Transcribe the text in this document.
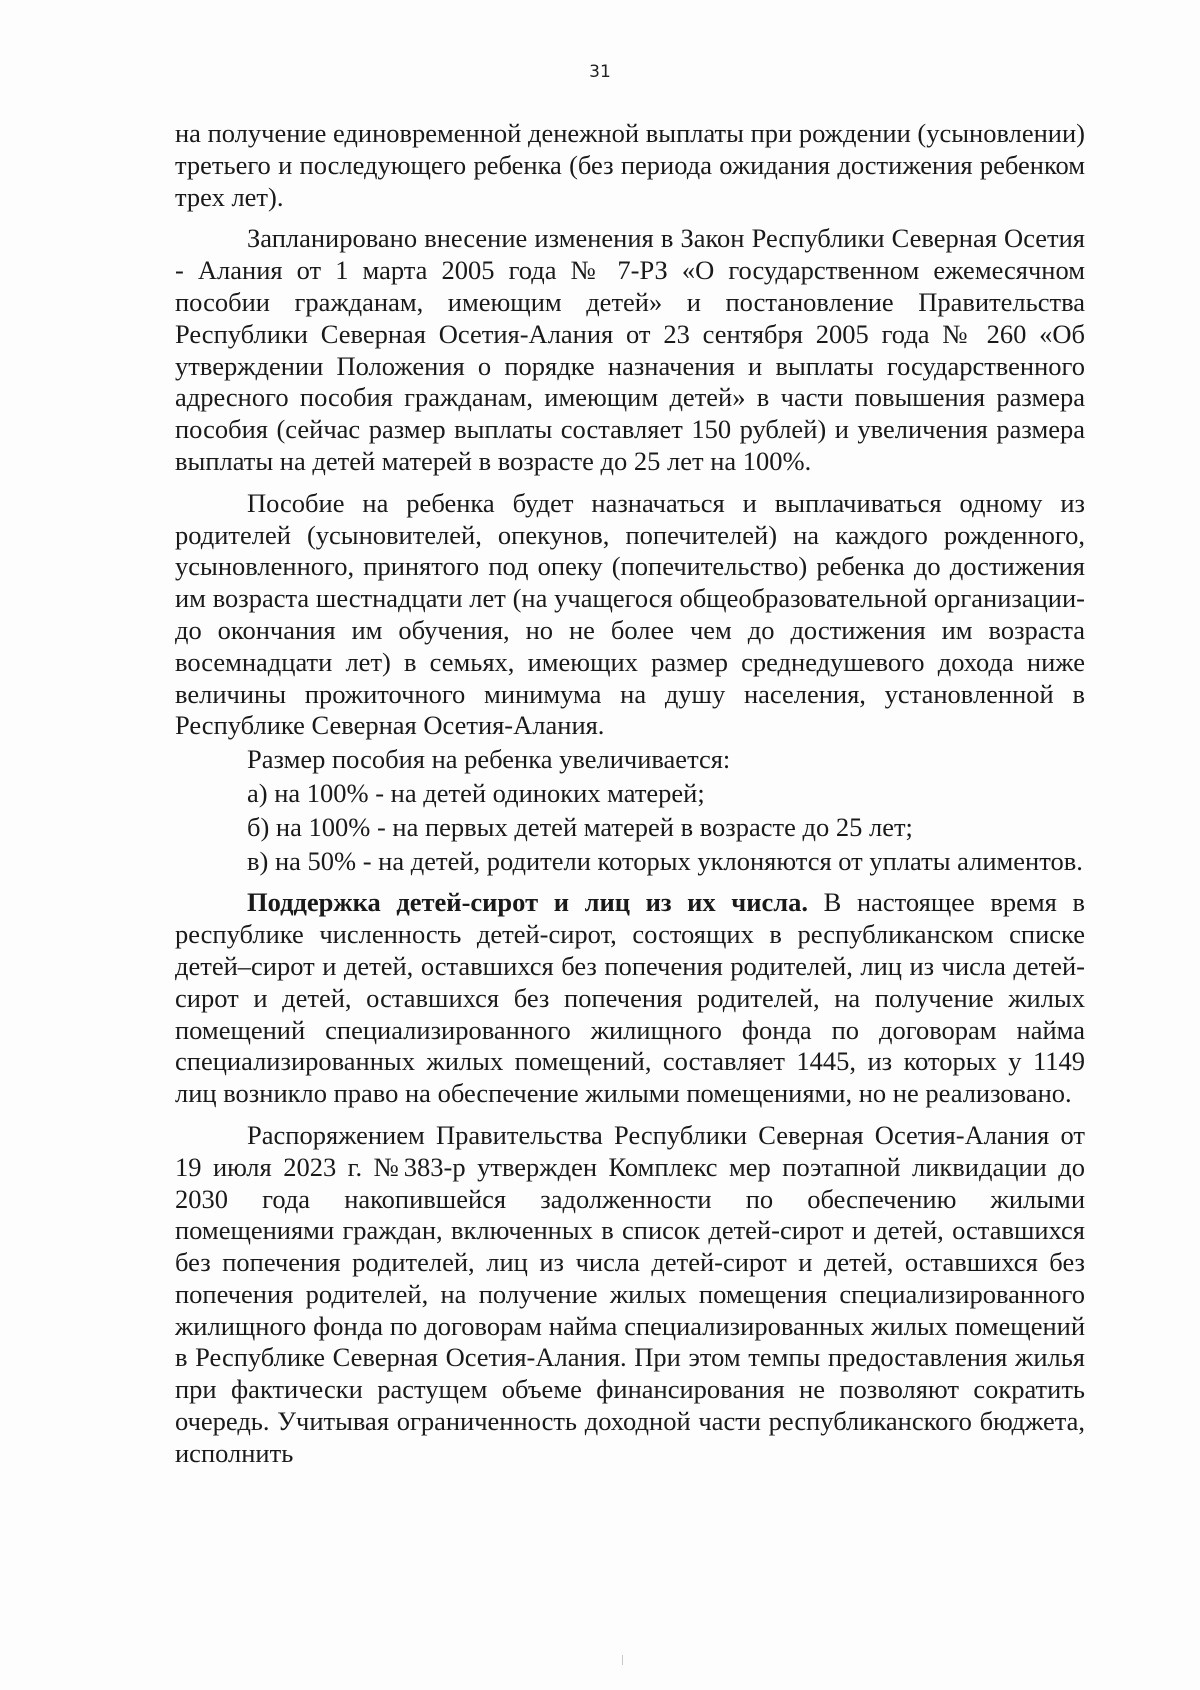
31

на получение единовременной денежной выплаты при рождении (усыновлении) третьего и последующего ребенка (без периода ожидания достижения ребенком трех лет).

Запланировано внесение изменения в Закон Республики Северная Осетия - Алания от 1 марта 2005 года № 7-РЗ «О государственном ежемесячном пособии гражданам, имеющим детей» и постановление Правительства Республики Северная Осетия-Алания от 23 сентября 2005 года № 260 «Об утверждении Положения о порядке назначения и выплаты государственного адресного пособия гражданам, имеющим детей» в части повышения размера пособия (сейчас размер выплаты составляет 150 рублей) и увеличения размера выплаты на детей матерей в возрасте до 25 лет на 100%.

Пособие на ребенка будет назначаться и выплачиваться одному из родителей (усыновителей, опекунов, попечителей) на каждого рожденного, усыновленного, принятого под опеку (попечительство) ребенка до достижения им возраста шестнадцати лет (на учащегося общеобразовательной организации- до окончания им обучения, но не более чем до достижения им возраста восемнадцати лет) в семьях, имеющих размер среднедушевого дохода ниже величины прожиточного минимума на душу населения, установленной в Республике Северная Осетия-Алания.

Размер пособия на ребенка увеличивается:

а) на 100% - на детей одиноких матерей;

б) на 100% - на первых детей матерей в возрасте до 25 лет;

в) на 50% - на детей, родители которых уклоняются от уплаты алиментов.

Поддержка детей-сирот и лиц из их числа. В настоящее время в республике численность детей-сирот, состоящих в республиканском списке детей–сирот и детей, оставшихся без попечения родителей, лиц из числа детей-сирот и детей, оставшихся без попечения родителей, на получение жилых помещений специализированного жилищного фонда по договорам найма специализированных жилых помещений, составляет 1445, из которых у 1149 лиц возникло право на обеспечение жилыми помещениями, но не реализовано.

Распоряжением Правительства Республики Северная Осетия-Алания от 19 июля 2023 г. №383-р утвержден Комплекс мер поэтапной ликвидации до 2030 года накопившейся задолженности по обеспечению жилыми помещениями граждан, включенных в список детей-сирот и детей, оставшихся без попечения родителей, лиц из числа детей-сирот и детей, оставшихся без попечения родителей, на получение жилых помещения специализированного жилищного фонда по договорам найма специализированных жилых помещений в Республике Северная Осетия-Алания. При этом темпы предоставления жилья при фактически растущем объеме финансирования не позволяют сократить очередь. Учитывая ограниченность доходной части республиканского бюджета, исполнить
